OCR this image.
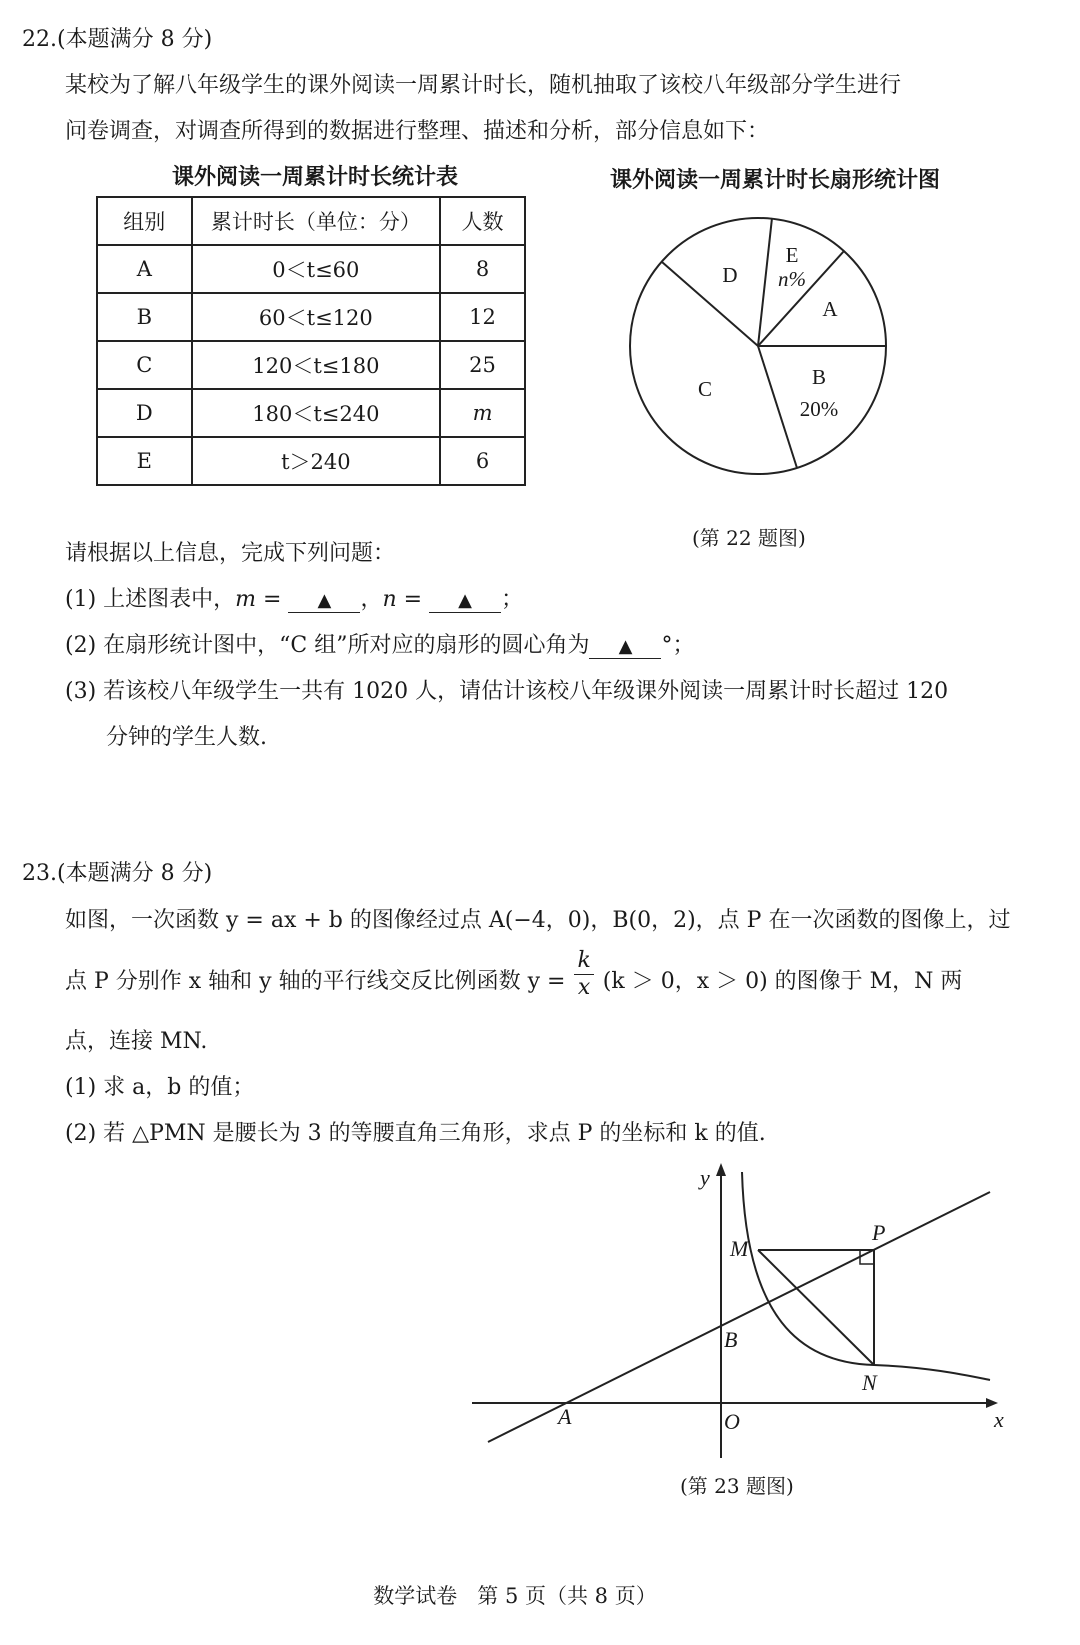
22.(本题满分 8 分)
某校为了解八年级学生的课外阅读一周累计时长，随机抽取了该校八年级部分学生进行
问卷调查，对调查所得到的数据进行整理、描述和分析，部分信息如下：
课外阅读一周累计时长统计表
组别	累计时长（单位：分）	人数
A	0＜t≤60	8
B	60＜t≤120	12
C	120＜t≤180	25
D	180＜t≤240	m
E	t＞240	6
课外阅读一周累计时长扇形统计图
E
n%
D
A
B
20%
C
(第 22 题图)
请根据以上信息，完成下列问题：
(1) 上述图表中，m = ▲ ，n = ▲ ；
(2) 在扇形统计图中，“C 组”所对应的扇形的圆心角为 ▲ °；
(3) 若该校八年级学生一共有 1020 人，请估计该校八年级课外阅读一周累计时长超过 120
分钟的学生人数.
23.(本题满分 8 分)
如图，一次函数 y = ax + b 的图像经过点 A(−4，0)，B(0，2)，点 P 在一次函数的图像上，过
点 P 分别作 x 轴和 y 轴的平行线交反比例函数 $y = \frac{k}{x} (k > 0$，x ＞ 0) 的图像于 M，N 两
点，连接 MN.
(1) 求 a，b 的值；
(2) 若 △PMN 是腰长为 3 的等腰直角三角形，求点 P 的坐标和 k 的值.
y
x
O
A
B
M
N
P
(第 23 题图)
数学试卷   第 5 页（共 8 页）
